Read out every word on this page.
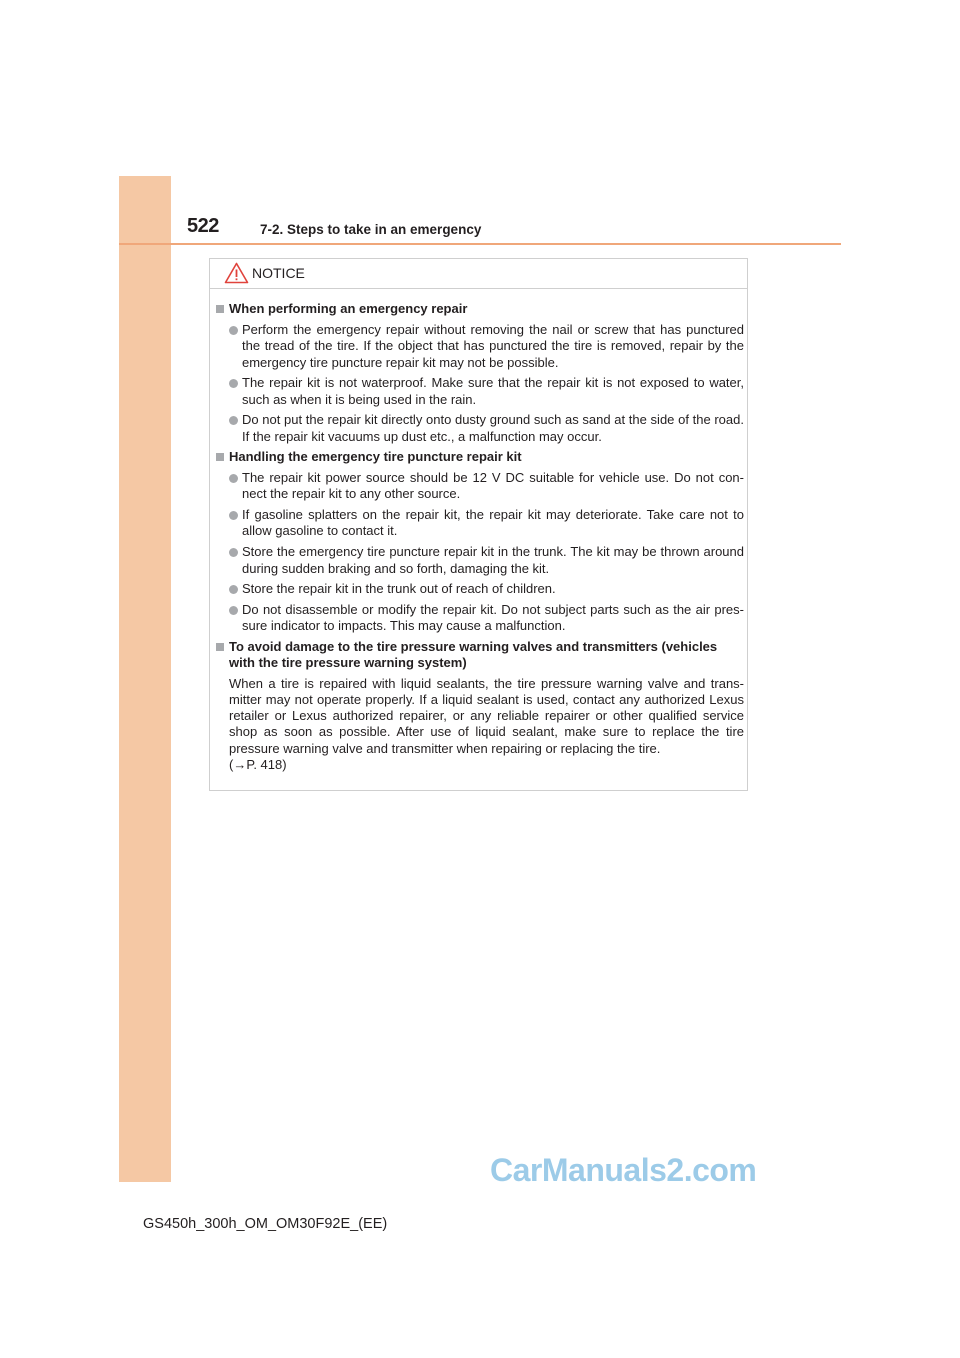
522	7-2. Steps to take in an emergency
NOTICE
When performing an emergency repair
Perform the emergency repair without removing the nail or screw that has punctured the tread of the tire. If the object that has punctured the tire is removed, repair by the emergency tire puncture repair kit may not be possible.
The repair kit is not waterproof. Make sure that the repair kit is not exposed to water, such as when it is being used in the rain.
Do not put the repair kit directly onto dusty ground such as sand at the side of the road. If the repair kit vacuums up dust etc., a malfunction may occur.
Handling the emergency tire puncture repair kit
The repair kit power source should be 12 V DC suitable for vehicle use. Do not con- nect the repair kit to any other source.
If gasoline splatters on the repair kit, the repair kit may deteriorate. Take care not to allow gasoline to contact it.
Store the emergency tire puncture repair kit in the trunk. The kit may be thrown around during sudden braking and so forth, damaging the kit.
Store the repair kit in the trunk out of reach of children.
Do not disassemble or modify the repair kit. Do not subject parts such as the air pres- sure indicator to impacts. This may cause a malfunction.
To avoid damage to the tire pressure warning valves and transmitters (vehicles with the tire pressure warning system)
When a tire is repaired with liquid sealants, the tire pressure warning valve and trans- mitter may not operate properly. If a liquid sealant is used, contact any authorized Lexus retailer or Lexus authorized repairer, or any reliable repairer or other qualified service shop as soon as possible. After use of liquid sealant, make sure to replace the tire pressure warning valve and transmitter when repairing or replacing the tire.
(→P. 418)
CarManuals2.com
GS450h_300h_OM_OM30F92E_(EE)
